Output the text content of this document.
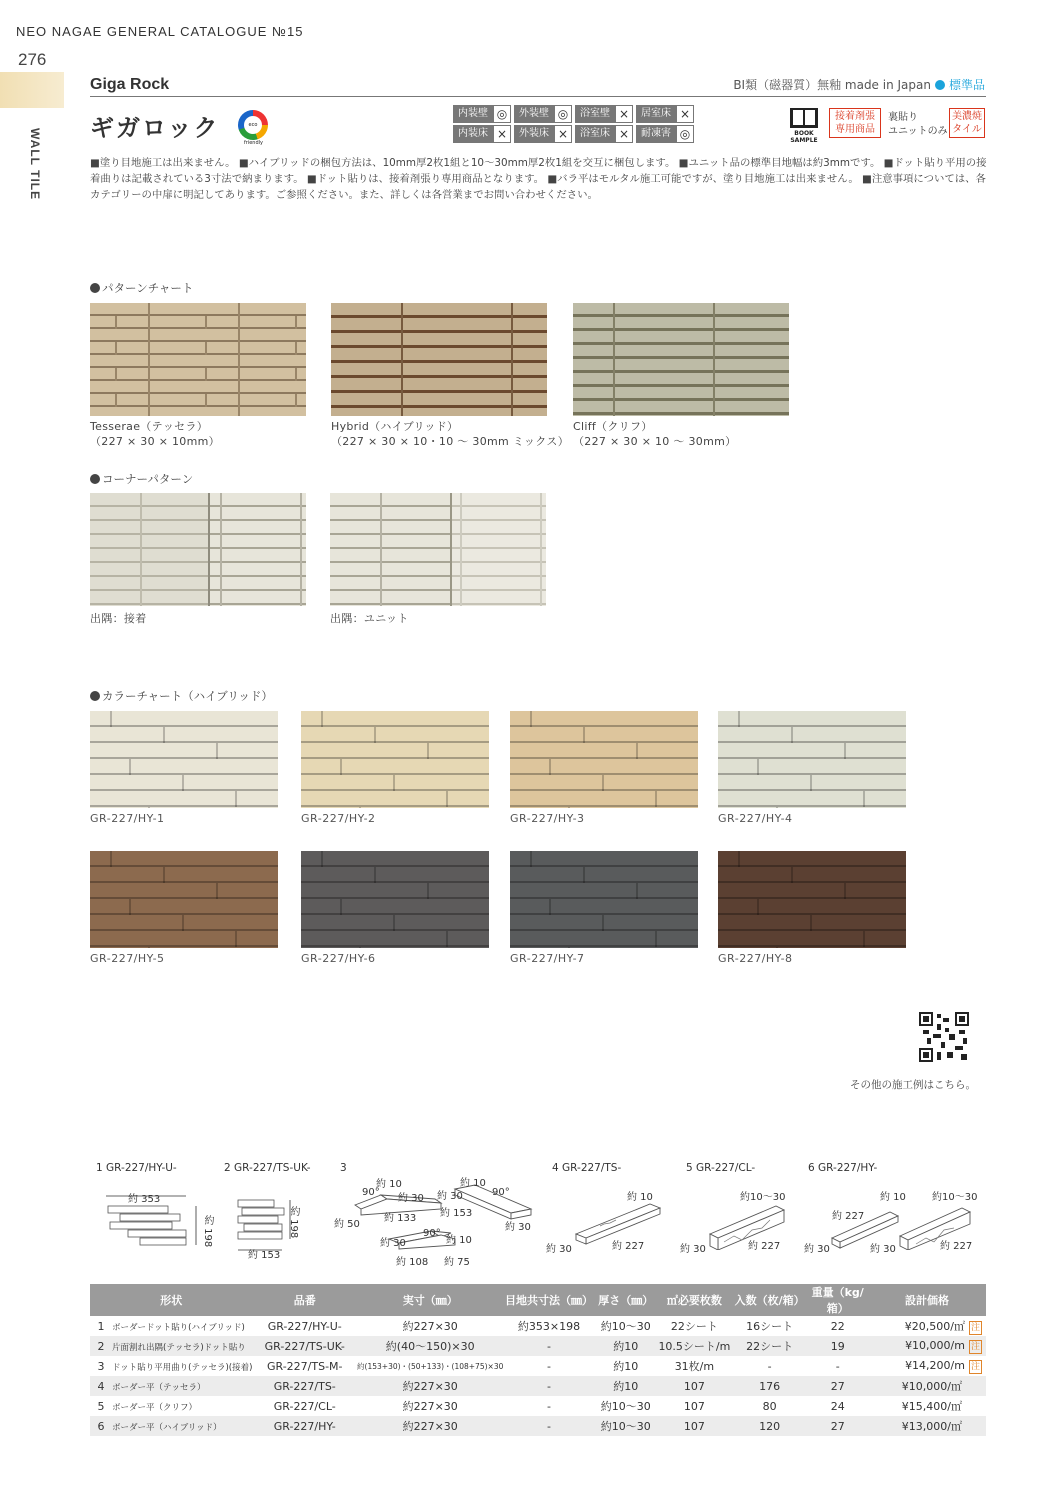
NEO NAGAE GENERAL CATALOGUE №15
276
WALL TILE
Giga Rock	BⅠ類（磁器質）無釉 made in Japan 標準品
ギガロック	eco friendly
内装壁 ◎	外装壁 ◎	浴室壁 ×	居室床 ×
内装床 ×	外装床 ×	浴室床 ×	耐凍害 ◎	BOOK SAMPLE
接着剤張
専用商品
裏貼り
ユニットのみ
美濃焼
タイル
■塗り目地施工は出来ません。 ■ハイブリッドの梱包方法は、10mm厚2枚1組と10～30mm厚2枚1組を交互に梱包します。 ■ユニット品の標準目地幅は約3mmです。 ■ドット貼り平用の接着曲りは記載されている3寸法で納まります。 ■ドット貼りは、接着剤張り専用商品となります。 ■バラ平はモルタル施工可能ですが、塗り目地施工は出来ません。 ■注意事項については、各カテゴリーの中扉に明記してあります。ご参照ください。また、詳しくは各営業までお問い合わせください。
パターンチャート
Tesserae（テッセラ）
（227 × 30 × 10mm）
Hybrid（ハイブリッド）
（227 × 30 × 10・10 ～ 30mm ミックス）
Cliff（クリフ）
（227 × 30 × 10 ～ 30mm）
コーナーパターン
出隅：接着	出隅：ユニット
カラーチャート（ハイブリッド）
GR-227/HY-1	GR-227/HY-2	GR-227/HY-3	GR-227/HY-4
GR-227/HY-5	GR-227/HY-6	GR-227/HY-7	GR-227/HY-8
その他の施工例はこちら。
1 GR-227/HY-U-	2 GR-227/TS-UK-	3	4 GR-227/TS-	5 GR-227/CL-	6 GR-227/HY-
約 353
約 198	約 198
約 153
約 10
90°
約 30
約 50
約 133
約 10
約 30	90°
約 153
約 30
約 30
90°
約 10
約 108 約 75
約 10
約 30	約 227
約10～30
約 30	約 227
約 10	約10～30
約 227
約 30	約 30	約 227
形状	品番	実寸（㎜）	目地共寸法（㎜）	厚さ（㎜）	㎡必要枚数	入数（枚/箱）	重量（kg/箱）	設計価格
1 ボーダードット貼り(ハイブリッド)	GR-227/HY-U-	約227×30	約353×198	約10～30	22シート	16シート	22	¥20,500/㎡ 注
2 片面割れ出隅(テッセラ)ドット貼り	GR-227/TS-UK-	約(40～150)×30	-	約10	10.5シート/m	22シート	19	¥10,000/m 注
3 ドット貼り平用曲り(テッセラ)(接着)	GR-227/TS-M-	約(153+30)・(50+133)・(108+75)×30	-	約10	31枚/m	-	-	¥14,200/m 注
4 ボーダー平（テッセラ）	GR-227/TS-	約227×30	-	約10	107	176	27	¥10,000/㎡
5 ボーダー平（クリフ）	GR-227/CL-	約227×30	-	約10～30	107	80	24	¥15,400/㎡
6 ボーダー平（ハイブリッド）	GR-227/HY-	約227×30	-	約10～30	107	120	27	¥13,000/㎡
